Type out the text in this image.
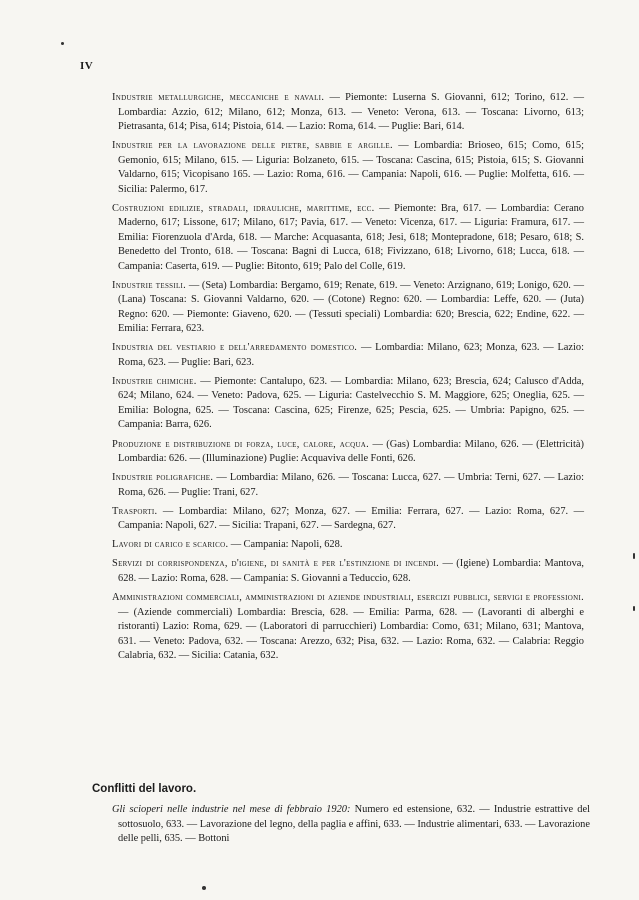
IV

Industrie metallurgiche, meccaniche e navali. — Piemonte: Luserna S. Giovanni, 612; Torino, 612. — Lombardia: Azzio, 612; Milano, 612; Monza, 613. — Veneto: Verona, 613. — Toscana: Livorno, 613; Pietrasanta, 614; Pisa, 614; Pistoia, 614. — Lazio: Roma, 614. — Puglie: Bari, 614.

Industrie per la lavorazione delle pietre, sabbie e argille. — Lombardia: Brioseo, 615; Como, 615; Gemonio, 615; Milano, 615. — Liguria: Bolzaneto, 615. — Toscana: Cascina, 615; Pistoia, 615; S. Giovanni Valdarno, 615; Vicopisano 165. — Lazio: Roma, 616. — Campania: Napoli, 616. — Puglie: Molfetta, 616. — Sicilia: Palermo, 617.

Costruzioni edilizie, stradali, idrauliche, marittime, ecc. — Piemonte: Bra, 617. — Lombardia: Cerano Maderno, 617; Lissone, 617; Milano, 617; Pavia, 617. — Veneto: Vicenza, 617. — Liguria: Framura, 617. — Emilia: Fiorenzuola d'Arda, 618. — Marche: Acquasanta, 618; Jesi, 618; Montepradone, 618; Pesaro, 618; S. Benedetto del Tronto, 618. — Toscana: Bagni di Lucca, 618; Fivizzano, 618; Livorno, 618; Lucca, 618. — Campania: Caserta, 619. — Puglie: Bitonto, 619; Palo del Colle, 619.

Industrie tessili. — (Seta) Lombardia: Bergamo, 619; Renate, 619. — Veneto: Arzignano, 619; Lonigo, 620. — (Lana) Toscana: S. Giovanni Valdarno, 620. — (Cotone) Regno: 620. — Lombardia: Leffe, 620. — (Juta) Regno: 620. — Piemonte: Giaveno, 620. — (Tessuti speciali) Lombardia: 620; Brescia, 622; Endine, 622. — Emilia: Ferrara, 623.

Industria del vestiario e dell'arredamento domestico. — Lombardia: Milano, 623; Monza, 623. — Lazio: Roma, 623. — Puglie: Bari, 623.

Industrie chimiche. — Piemonte: Cantalupo, 623. — Lombardia: Milano, 623; Brescia, 624; Caluscо d'Adda, 624; Milano, 624. — Veneto: Padova, 625. — Liguria: Castelvecchio S. M. Maggiore, 625; Oneglia, 625. — Emilia: Bologna, 625. — Toscana: Cascina, 625; Firenze, 625; Pescia, 625. — Umbria: Papigno, 625. — Campania: Barra, 626.

Produzione e distribuzione di forza, luce, calore, acqua. — (Gas) Lombardia: Milano, 626. — (Elettricità) Lombardia: 626. — (Illuminazione) Puglie: Acquaviva delle Fonti, 626.

Industrie poligrafiche. — Lombardia: Milano, 626. — Toscana: Lucca, 627. — Umbria: Terni, 627. — Lazio: Roma, 626. — Puglie: Trani, 627.

Trasporti. — Lombardia: Milano, 627; Monza, 627. — Emilia: Ferrara, 627. — Lazio: Roma, 627. — Campania: Napoli, 627. — Sicilia: Trapani, 627. — Sardegna, 627.

Lavori di carico e scarico. — Campania: Napoli, 628.

Servizi di corrispondenza, d'igiene, di sanità e per l'estinzione di incendi. — (Igiene) Lombardia: Mantova, 628. — Lazio: Roma, 628. — Campania: S. Giovanni a Teduccio, 628.

Amministrazioni commerciali, amministrazioni di aziende industriali, esercizi pubblici, servigi e professioni. — (Aziende commerciali) Lombardia: Brescia, 628. — Emilia: Parma, 628. — (Lavoranti di alberghi e ristoranti) Lazio: Roma, 629. — (Laboratori di parrucchieri) Lombardia: Como, 631; Milano, 631; Mantova, 631. — Veneto: Padova, 632. — Toscana: Arezzo, 632; Pisa, 632. — Lazio: Roma, 632. — Calabria: Reggio Calabria, 632. — Sicilia: Catania, 632.

Conflitti del lavoro.
Gli scioperi nelle industrie nel mese di febbraio 1920: Numero ed estensione, 632. — Industrie estrattive del sottosuolo, 633. — Lavorazione del legno, della paglia e affini, 633. — Industrie alimentari, 633. — Lavorazione delle pelli, 635. — Bottoni
